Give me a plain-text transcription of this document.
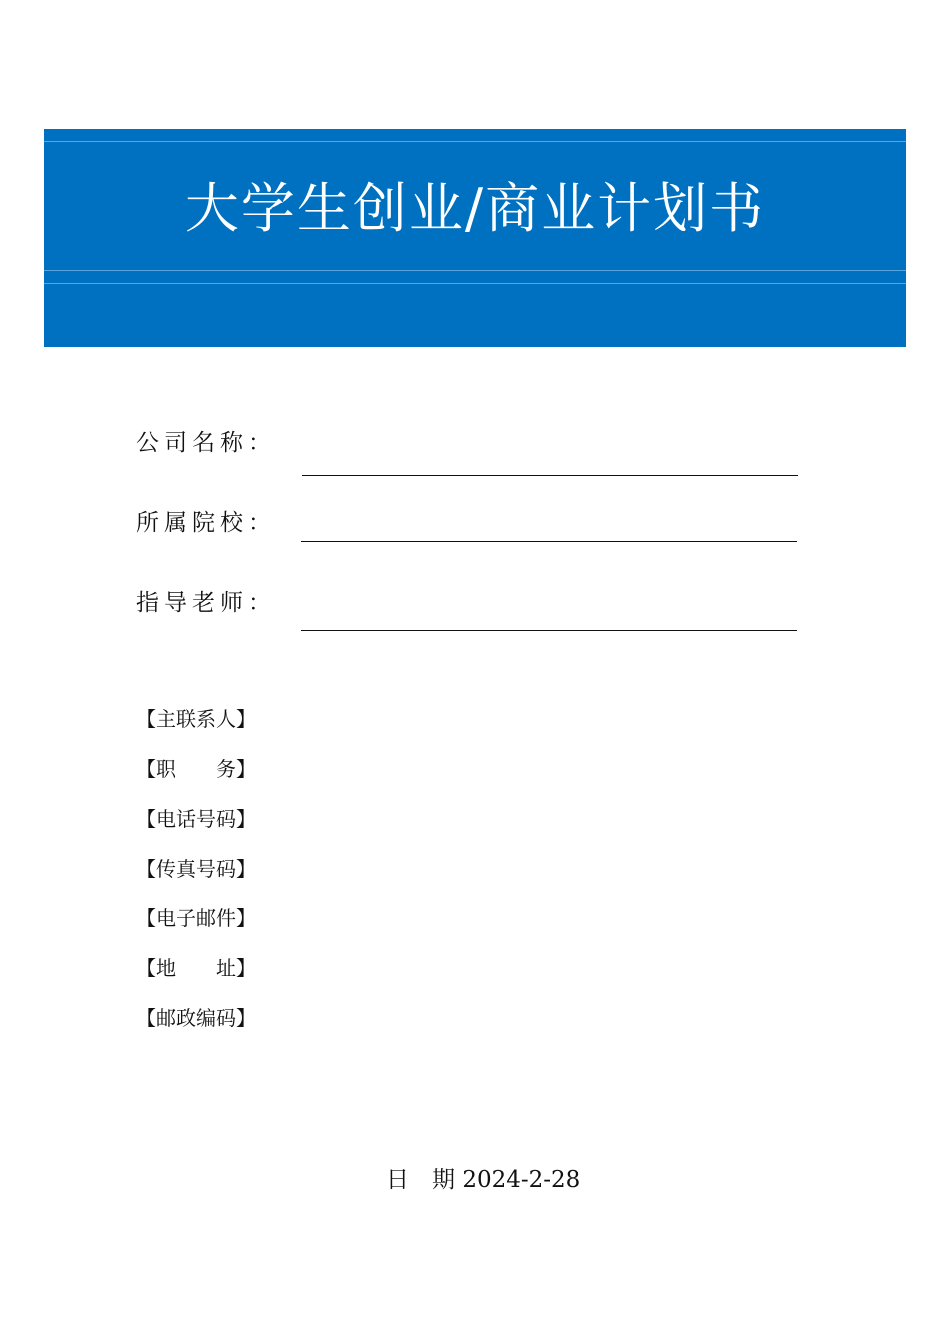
大学生创业/商业计划书
公司名称：
所属院校：
指导老师：
【主联系人】
【职　　务】
【电话号码】
【传真号码】
【电子邮件】
【地　　址】
【邮政编码】
日　期 2024-2-28
